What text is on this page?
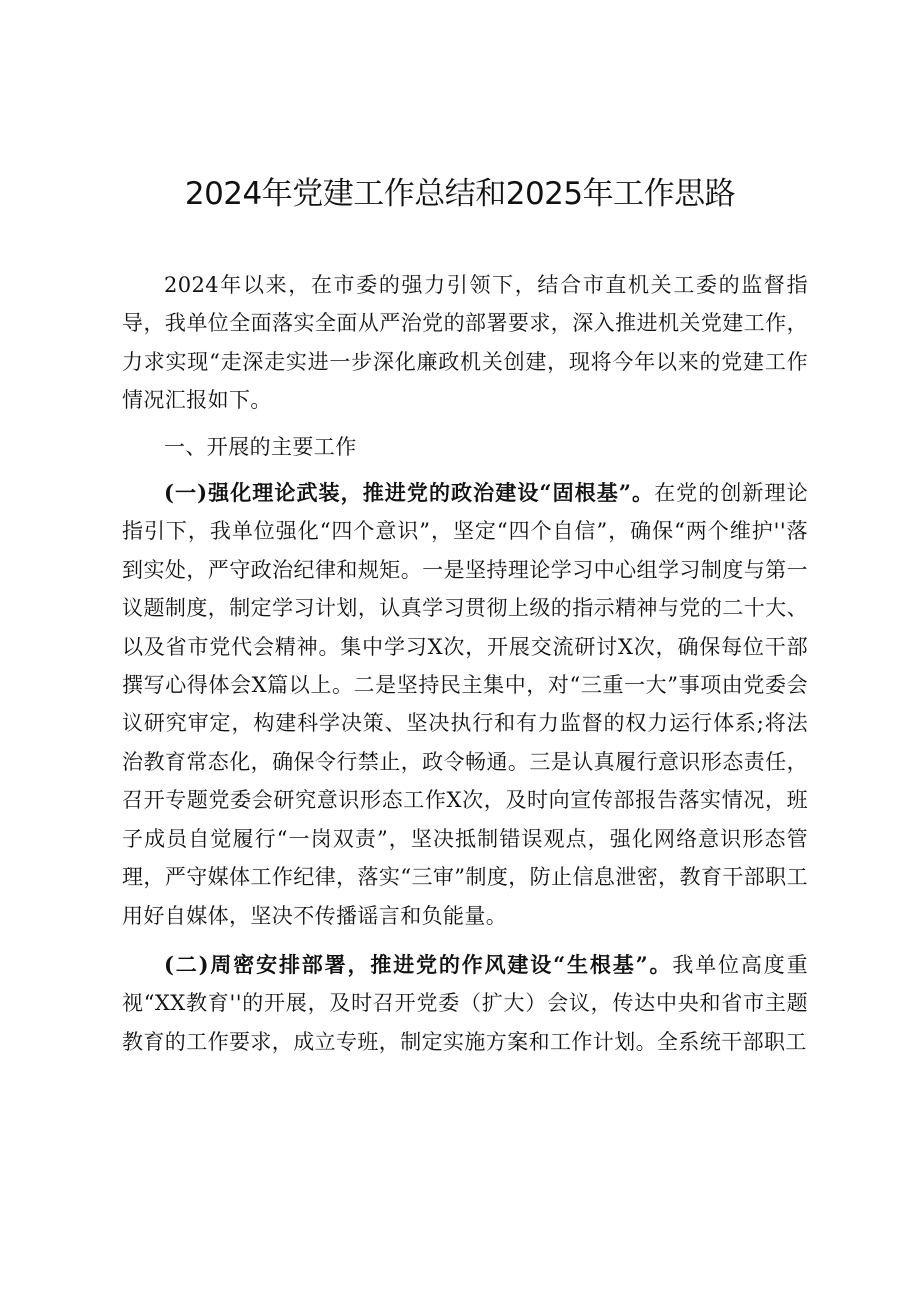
2024年党建工作总结和2025年工作思路

2024年以来，在市委的强力引领下，结合市直机关工委的监督指导，我单位全面落实全面从严治党的部署要求，深入推进机关党建工作，力求实现“走深走实进一步深化廉政机关创建，现将今年以来的党建工作情况汇报如下。

一、开展的主要工作

(一)强化理论武装，推进党的政治建设“固根基”。在党的创新理论指引下，我单位强化“四个意识”，坚定“四个自信”，确保“两个维护''落到实处，严守政治纪律和规矩。一是坚持理论学习中心组学习制度与第一议题制度，制定学习计划，认真学习贯彻上级的指示精神与党的二十大、以及省市党代会精神。集中学习X次，开展交流研讨X次，确保每位干部撰写心得体会X篇以上。二是坚持民主集中，对“三重一大”事项由党委会议研究审定，构建科学决策、坚决执行和有力监督的权力运行体系;将法治教育常态化，确保令行禁止，政令畅通。三是认真履行意识形态责任，召开专题党委会研究意识形态工作X次，及时向宣传部报告落实情况，班子成员自觉履行“一岗双责”，坚决抵制错误观点，强化网络意识形态管理，严守媒体工作纪律，落实“三审”制度，防止信息泄密，教育干部职工用好自媒体，坚决不传播谣言和负能量。

(二)周密安排部署，推进党的作风建设“生根基”。我单位高度重视“XX教育''的开展，及时召开党委（扩大）会议，传达中央和省市主题教育的工作要求，成立专班，制定实施方案和工作计划。全系统干部职工
